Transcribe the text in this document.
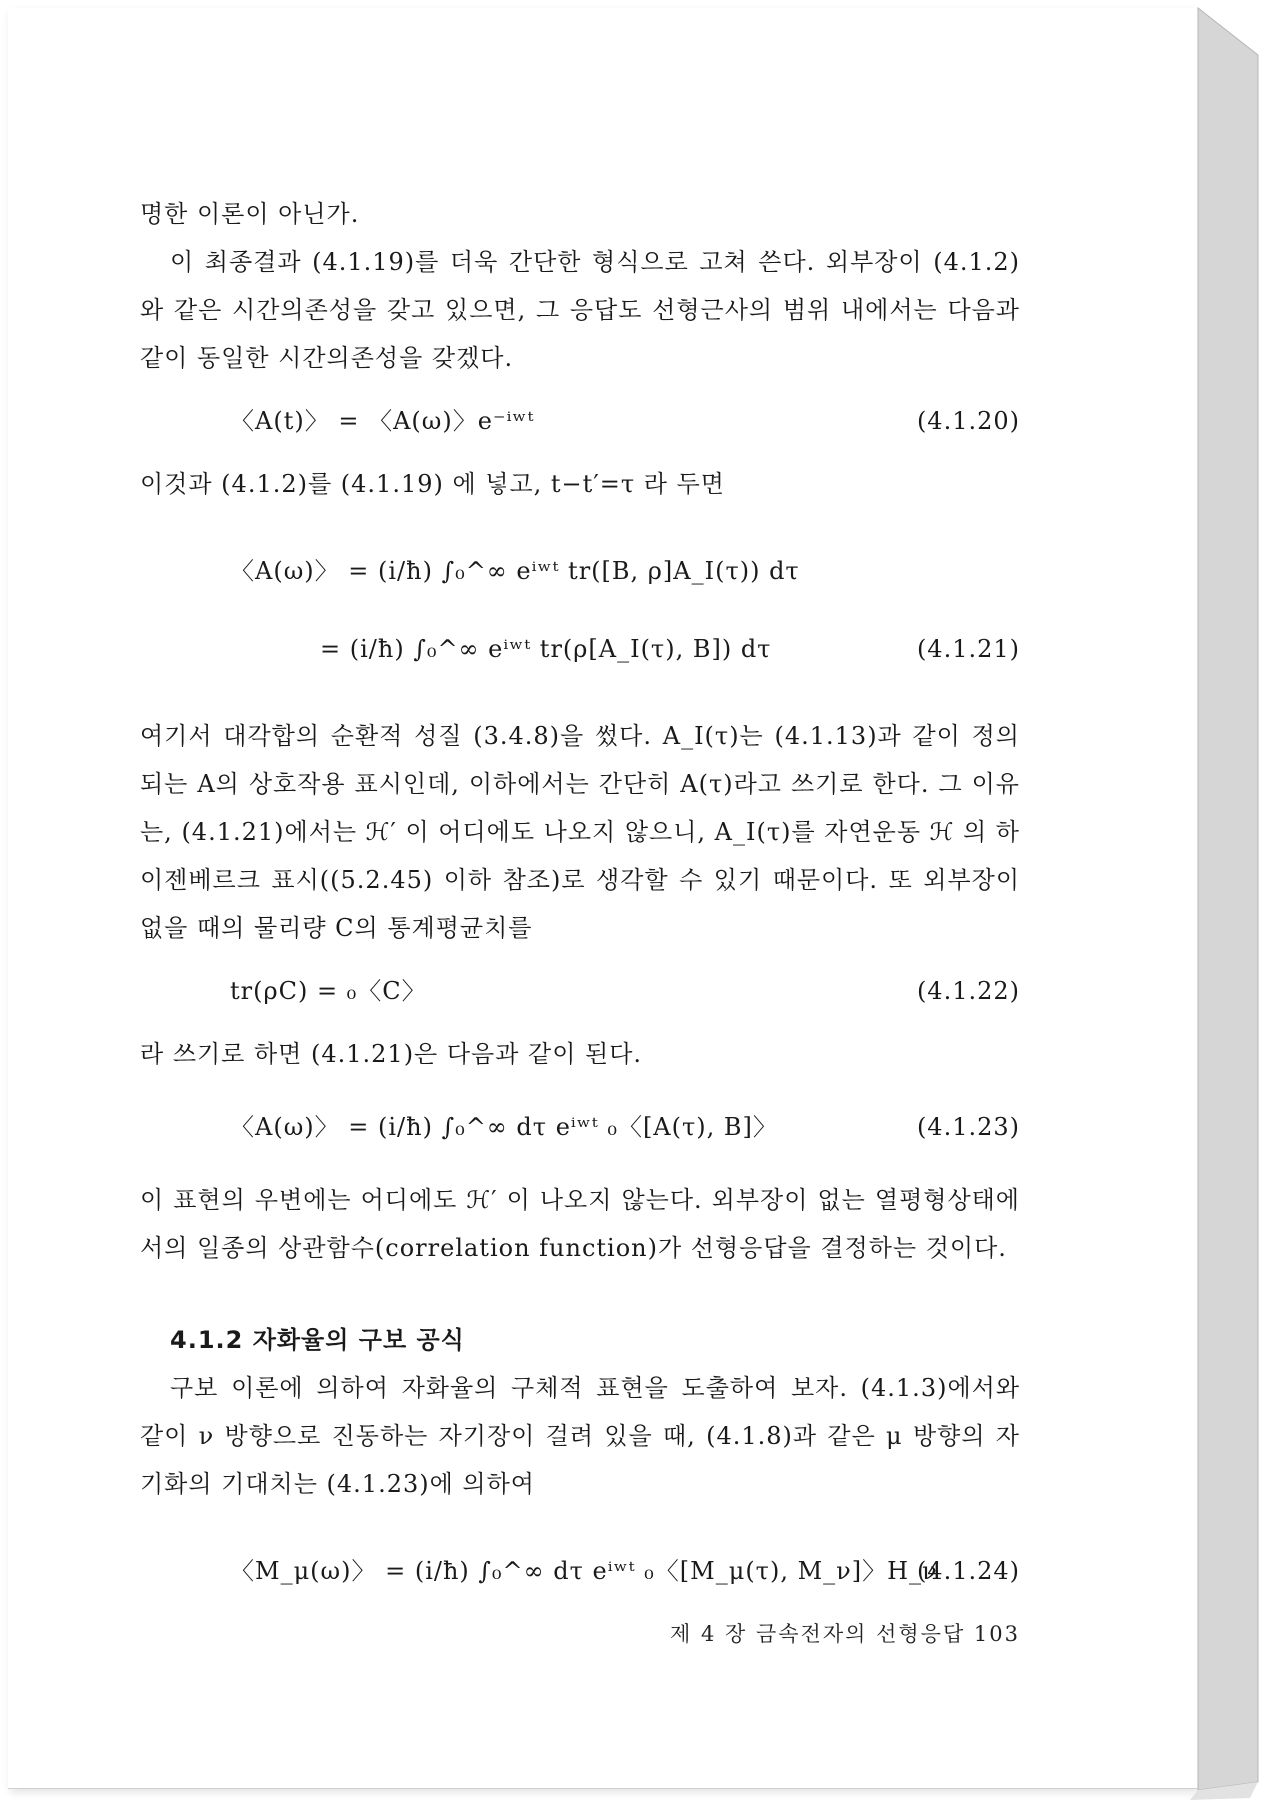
명한 이론이 아닌가.

이 최종결과 (4.1.19)를 더욱 간단한 형식으로 고쳐 쓴다. 외부장이 (4.1.2)와 같은 시간의존성을 갖고 있으면, 그 응답도 선형근사의 범위 내에서는 다음과 같이 동일한 시간의존성을 갖겠다.

〈A(t)〉 = 〈A(ω)〉e⁻ⁱʷᵗ	(4.1.20)

이것과 (4.1.2)를 (4.1.19) 에 넣고, t−t′=τ 라 두면

〈A(ω)〉 = (i/ħ) ∫₀^∞ eⁱʷᵗ tr([B, ρ]A_I(τ)) dτ
= (i/ħ) ∫₀^∞ eⁱʷᵗ tr(ρ[A_I(τ), B]) dτ	(4.1.21)

여기서 대각합의 순환적 성질 (3.4.8)을 썼다. A_I(τ)는 (4.1.13)과 같이 정의되는 A의 상호작용 표시인데, 이하에서는 간단히 A(τ)라고 쓰기로 한다. 그 이유는, (4.1.21)에서는 ℋ′ 이 어디에도 나오지 않으니, A_I(τ)를 자연운동 ℋ 의 하이젠베르크 표시((5.2.45) 이하 참조)로 생각할 수 있기 때문이다. 또 외부장이 없을 때의 물리량 C의 통계평균치를

tr(ρC) = ₀〈C〉	(4.1.22)

라 쓰기로 하면 (4.1.21)은 다음과 같이 된다.

〈A(ω)〉 = (i/ħ) ∫₀^∞ dτ eⁱʷᵗ ₀〈[A(τ), B]〉	(4.1.23)

이 표현의 우변에는 어디에도 ℋ′ 이 나오지 않는다. 외부장이 없는 열평형상태에서의 일종의 상관함수(correlation function)가 선형응답을 결정하는 것이다.

4.1.2 자화율의 구보 공식

구보 이론에 의하여 자화율의 구체적 표현을 도출하여 보자. (4.1.3)에서와 같이 ν 방향으로 진동하는 자기장이 걸려 있을 때, (4.1.8)과 같은 μ 방향의 자기화의 기대치는 (4.1.23)에 의하여

〈M_μ(ω)〉 = (i/ħ) ∫₀^∞ dτ eⁱʷᵗ ₀〈[M_μ(τ), M_ν]〉H_ν
(4.1.24)
제 4 장 금속전자의 선형응답 103
